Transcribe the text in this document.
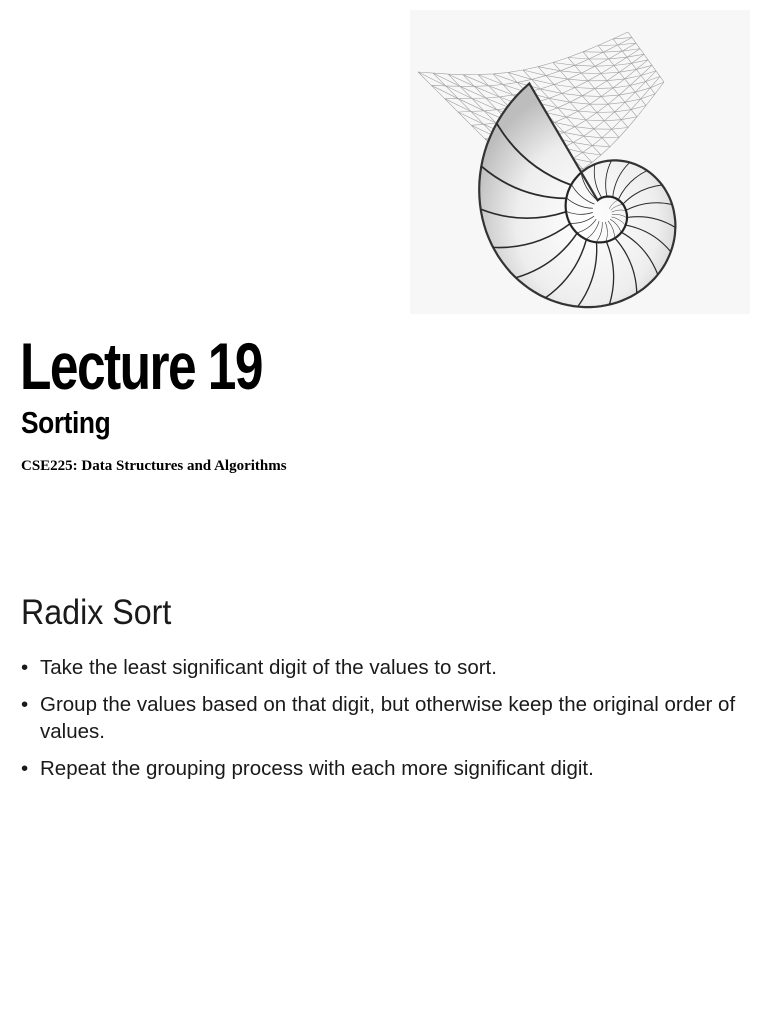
Lecture 19
Sorting
CSE225: Data Structures and Algorithms
Radix Sort
• Take the least significant digit of the values to sort.
• Group the values based on that digit, but otherwise keep the original order of values.
• Repeat the grouping process with each more significant digit.
